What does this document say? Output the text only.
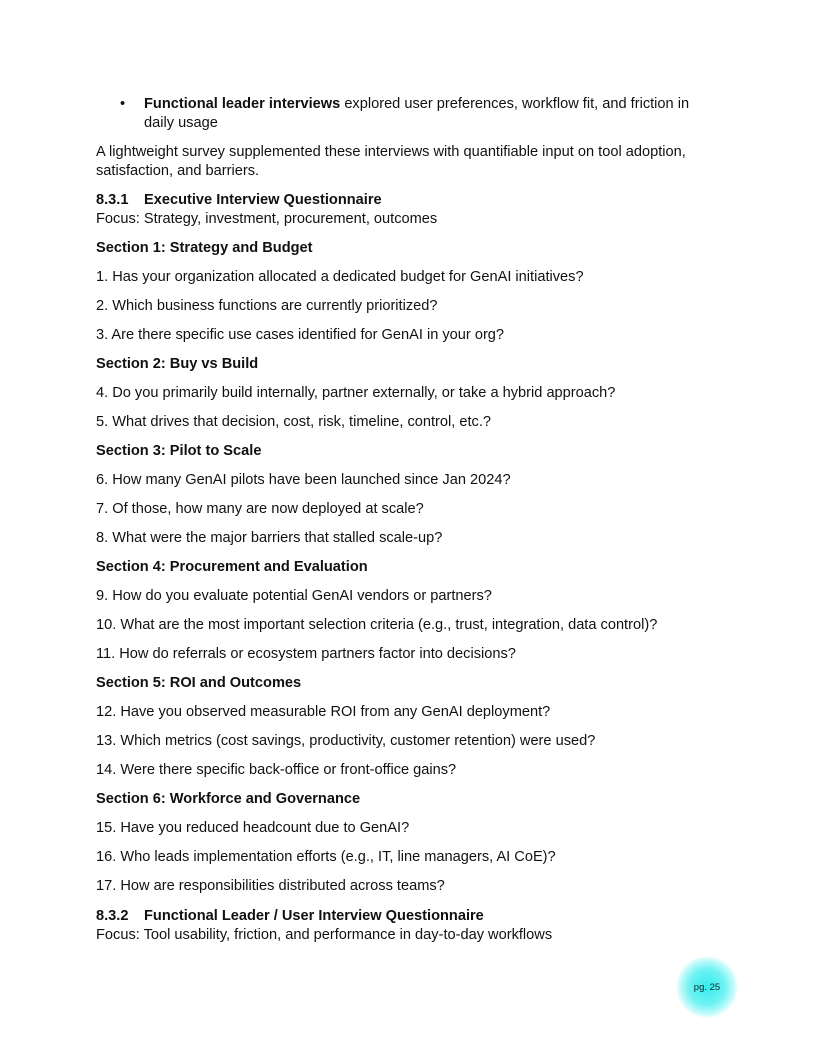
•	Functional leader interviews explored user preferences, workflow fit, and friction in daily usage

A lightweight survey supplemented these interviews with quantifiable input on tool adoption, satisfaction, and barriers.

8.3.1 Executive Interview Questionnaire
Focus: Strategy, investment, procurement, outcomes
Section 1: Strategy and Budget
1. Has your organization allocated a dedicated budget for GenAI initiatives?
2. Which business functions are currently prioritized?
3. Are there specific use cases identified for GenAI in your org?
Section 2: Buy vs Build
4. Do you primarily build internally, partner externally, or take a hybrid approach?
5. What drives that decision, cost, risk, timeline, control, etc.?
Section 3: Pilot to Scale
6. How many GenAI pilots have been launched since Jan 2024?
7. Of those, how many are now deployed at scale?
8. What were the major barriers that stalled scale-up?
Section 4: Procurement and Evaluation
9. How do you evaluate potential GenAI vendors or partners?
10. What are the most important selection criteria (e.g., trust, integration, data control)?
11. How do referrals or ecosystem partners factor into decisions?
Section 5: ROI and Outcomes
12. Have you observed measurable ROI from any GenAI deployment?
13. Which metrics (cost savings, productivity, customer retention) were used?
14. Were there specific back-office or front-office gains?
Section 6: Workforce and Governance
15. Have you reduced headcount due to GenAI?
16. Who leads implementation efforts (e.g., IT, line managers, AI CoE)?
17. How are responsibilities distributed across teams?
8.3.2 Functional Leader / User Interview Questionnaire
Focus: Tool usability, friction, and performance in day-to-day workflows
pg. 25
